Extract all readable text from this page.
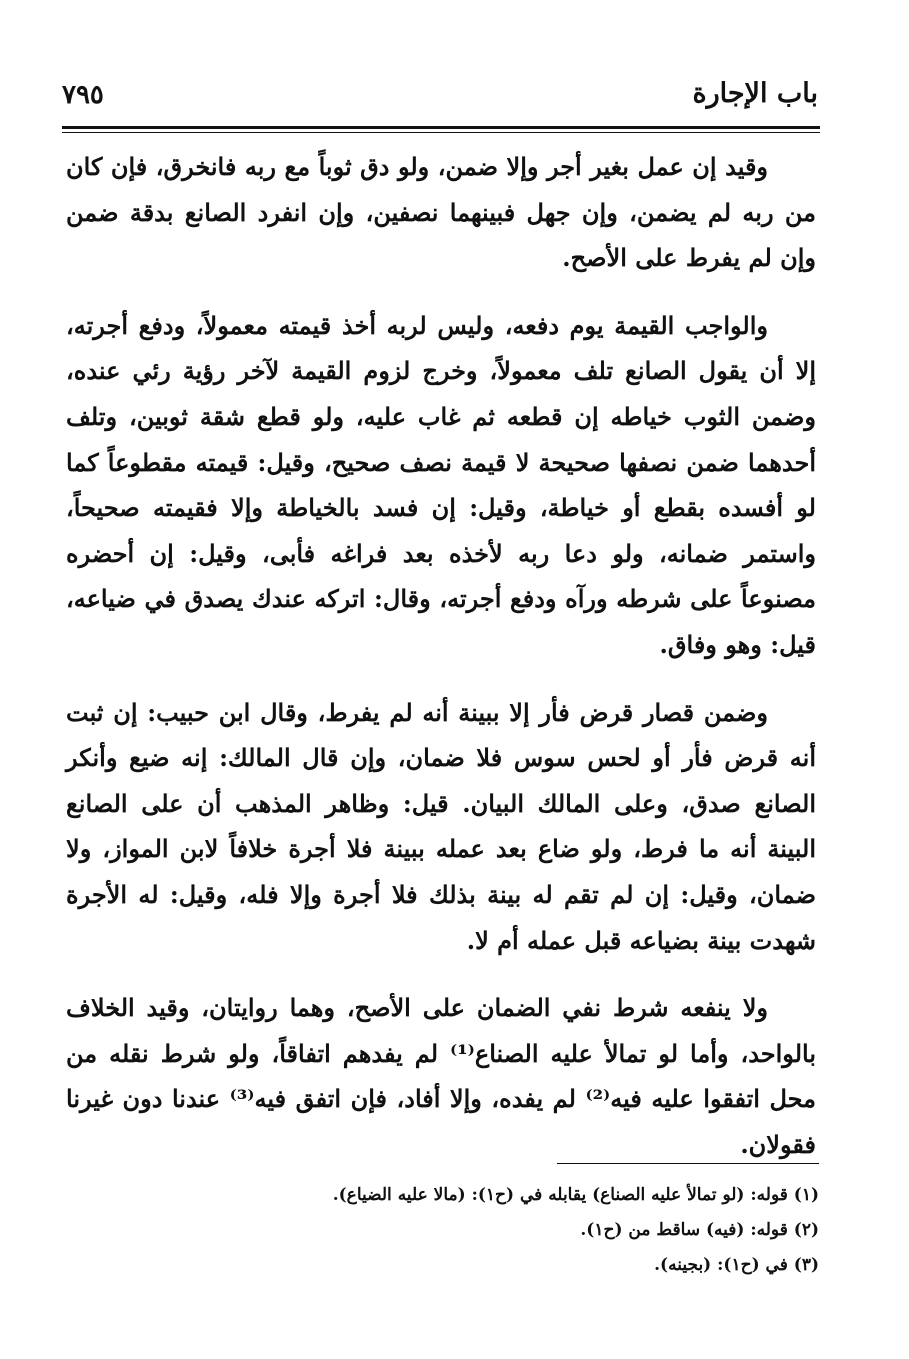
باب الإجارة
٧٩٥

وقيد إن عمل بغير أجر وإلا ضمن، ولو دق ثوباً مع ربه فانخرق، فإن كان من ربه لم يضمن، وإن جهل فبينهما نصفين، وإن انفرد الصانع بدقة ضمن وإن لم يفرط على الأصح.

والواجب القيمة يوم دفعه، وليس لربه أخذ قيمته معمولاً، ودفع أجرته، إلا أن يقول الصانع تلف معمولاً، وخرج لزوم القيمة لآخر رؤية رئي عنده، وضمن الثوب خياطه إن قطعه ثم غاب عليه، ولو قطع شقة ثوبين، وتلف أحدهما ضمن نصفها صحيحة لا قيمة نصف صحيح، وقيل: قيمته مقطوعاً كما لو أفسده بقطع أو خياطة، وقيل: إن فسد بالخياطة وإلا فقيمته صحيحاً، واستمر ضمانه، ولو دعا ربه لأخذه بعد فراغه فأبى، وقيل: إن أحضره مصنوعاً على شرطه ورآه ودفع أجرته، وقال: اتركه عندك يصدق في ضياعه، قيل: وهو وفاق.

وضمن قصار قرض فأر إلا ببينة أنه لم يفرط، وقال ابن حبيب: إن ثبت أنه قرض فأر أو لحس سوس فلا ضمان، وإن قال المالك: إنه ضيع وأنكر الصانع صدق، وعلى المالك البيان. قيل: وظاهر المذهب أن على الصانع البينة أنه ما فرط، ولو ضاع بعد عمله ببينة فلا أجرة خلافاً لابن المواز، ولا ضمان، وقيل: إن لم تقم له بينة بذلك فلا أجرة وإلا فله، وقيل: له الأجرة شهدت بينة بضياعه قبل عمله أم لا.

ولا ينفعه شرط نفي الضمان على الأصح، وهما روايتان، وقيد الخلاف بالواحد، وأما لو تمالأ عليه الصناع⁽¹⁾ لم يفدهم اتفاقاً، ولو شرط نقله من محل اتفقوا عليه فيه⁽²⁾ لم يفده، وإلا أفاد، فإن اتفق فيه⁽³⁾ عندنا دون غيرنا فقولان.

(١) قوله: (لو تمالأ عليه الصناع) يقابله في (ح١): (مالا عليه الضياع).

(٢) قوله: (فيه) ساقط من (ح١).

(٣) في (ح١): (بجينه).
